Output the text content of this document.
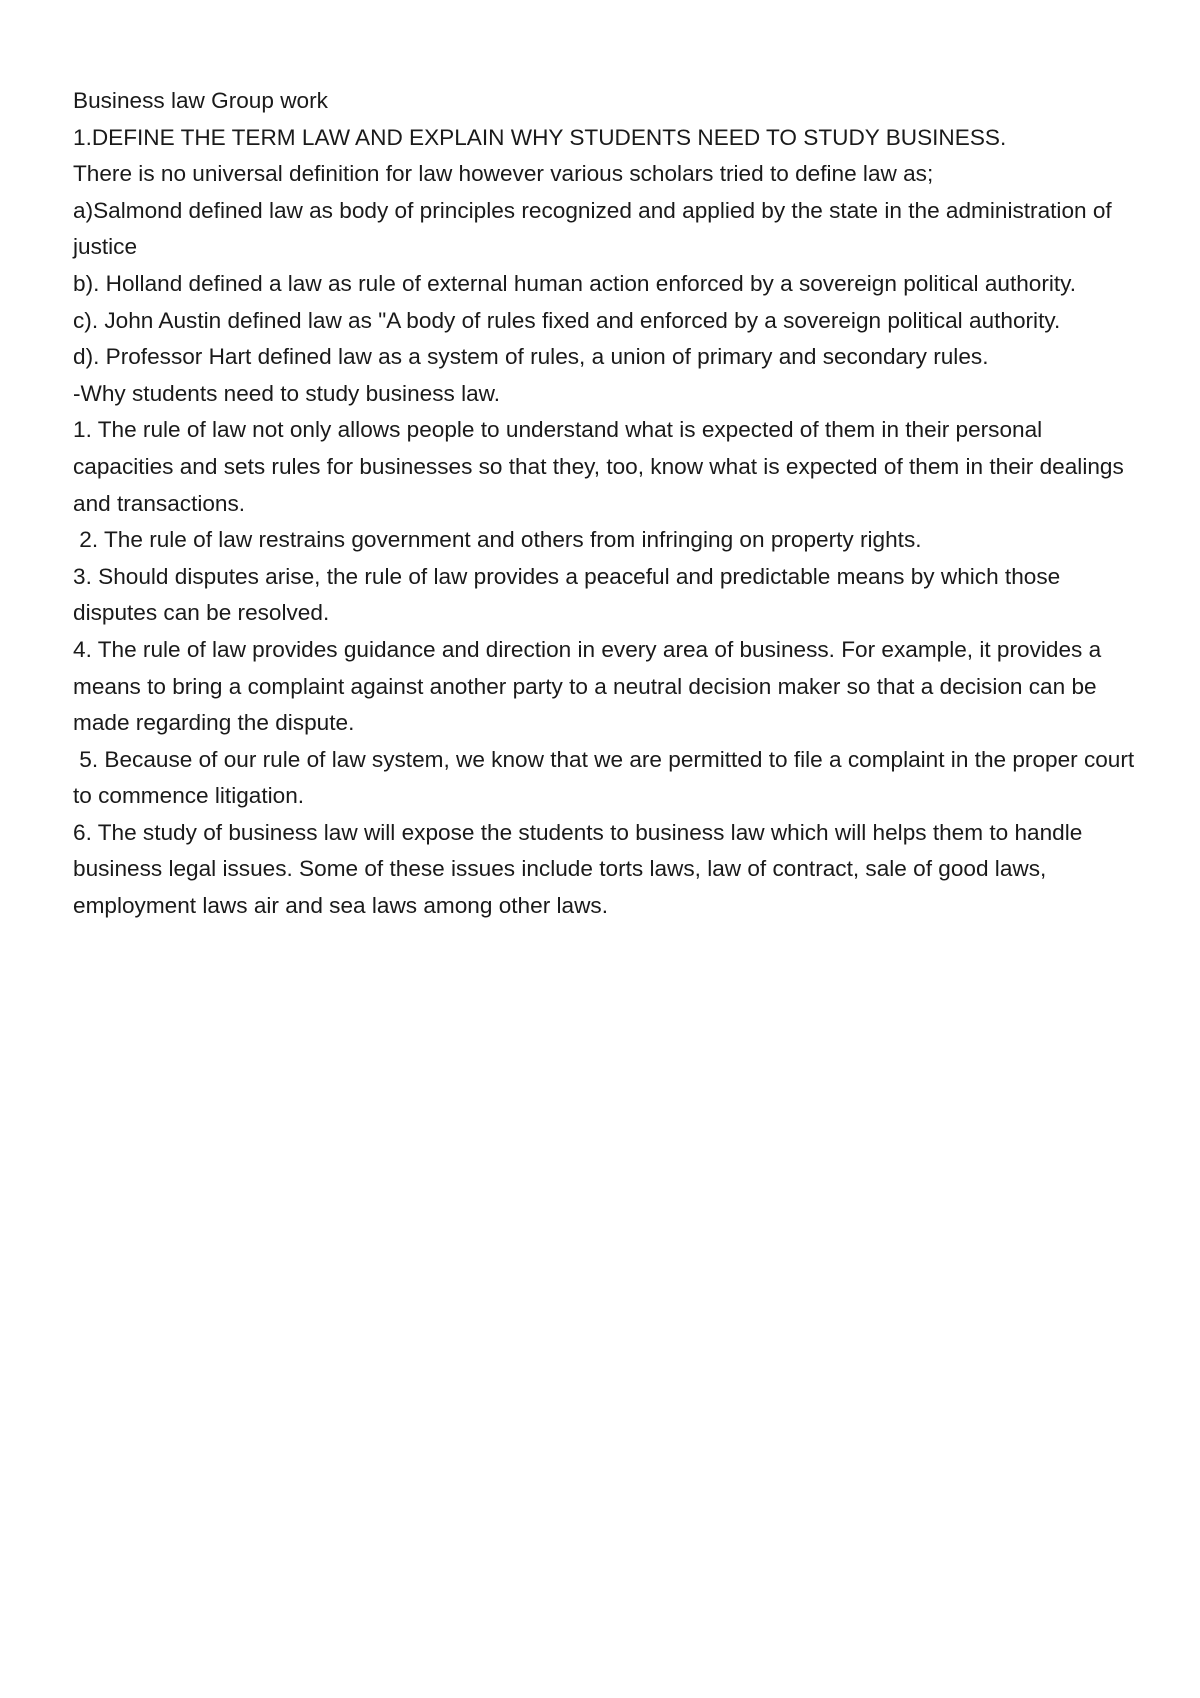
Business law Group work

1.DEFINE THE TERM LAW AND EXPLAIN WHY STUDENTS NEED TO STUDY BUSINESS.

There is no universal definition for law however various scholars tried to define law as;

a)Salmond defined law as body of principles recognized and applied by the state in the administration of justice

b). Holland defined a law as rule of external human action enforced by a sovereign political authority.

c). John Austin defined law as "A body of rules fixed and enforced by a sovereign political authority.

d). Professor Hart defined law as a system of rules, a union of primary and secondary rules.

-Why students need to study business law.

1. The rule of law not only allows people to understand what is expected of them in their personal capacities and sets rules for businesses so that they, too, know what is expected of them in their dealings and transactions.

2. The rule of law restrains government and others from infringing on property rights.

3. Should disputes arise, the rule of law provides a peaceful and predictable means by which those disputes can be resolved.

4. The rule of law provides guidance and direction in every area of business. For example, it provides a means to bring a complaint against another party to a neutral decision maker so that a decision can be made regarding the dispute.

5. Because of our rule of law system, we know that we are permitted to file a complaint in the proper court to commence litigation.

6. The study of business law will expose the students to business law which will helps them to handle business legal issues. Some of these issues include torts laws, law of contract, sale of good laws, employment laws air and sea laws among other laws.
